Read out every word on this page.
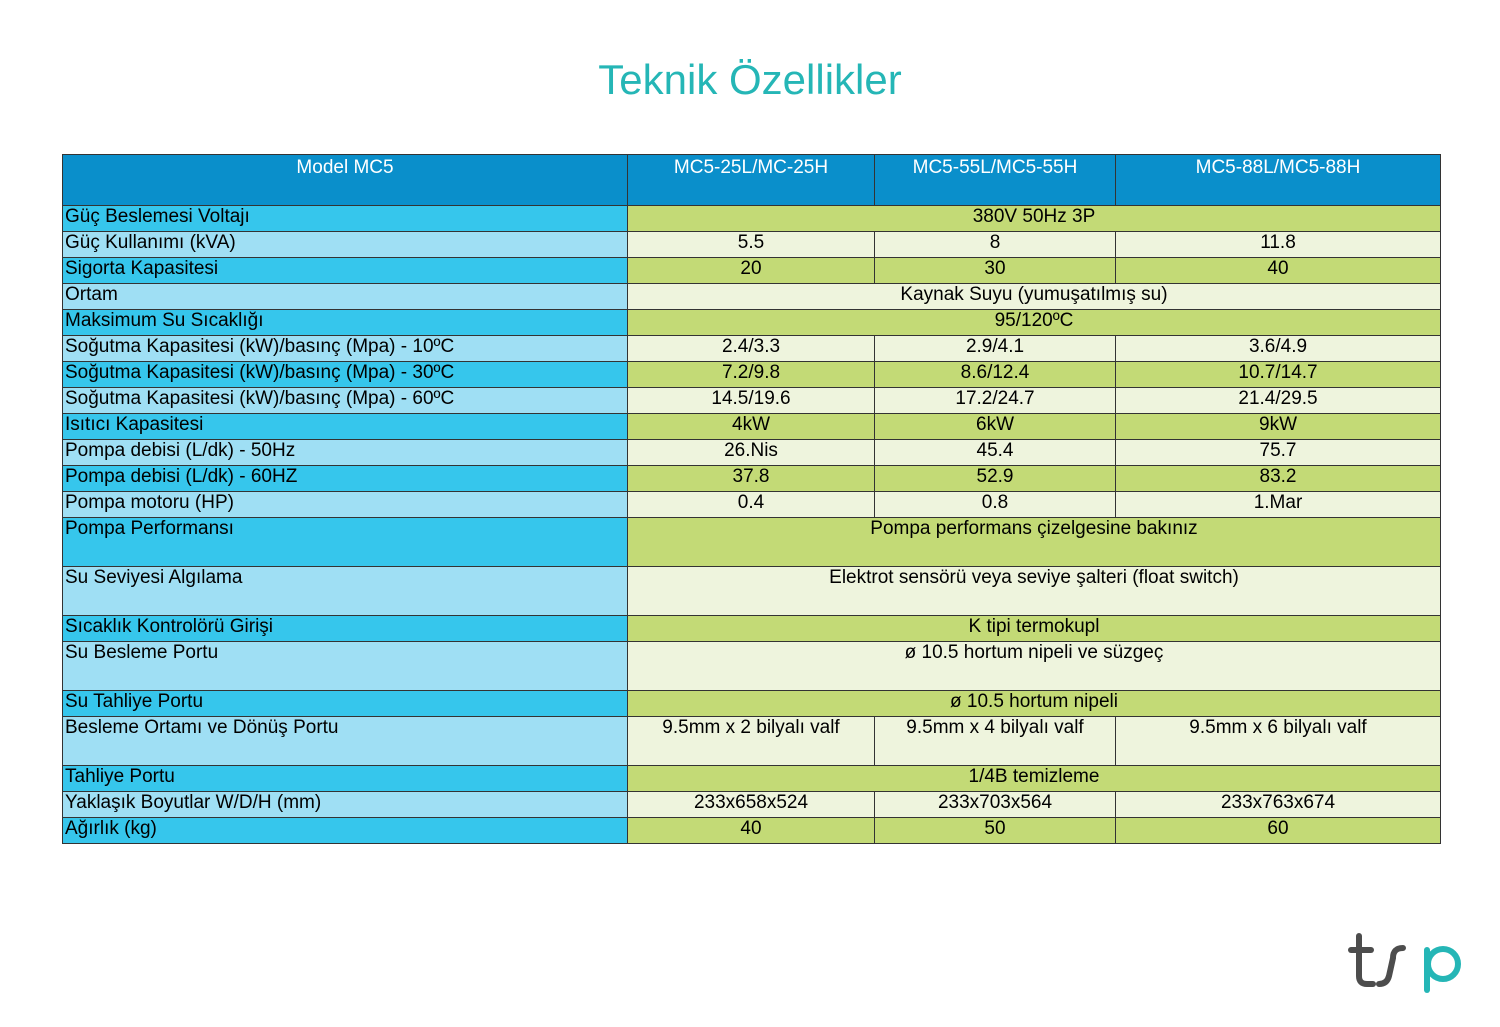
Teknik Özellikler
Model MC5	MC5-25L/MC-25H	MC5-55L/MC5-55H	MC5-88L/MC5-88H
Güç Beslemesi Voltajı	380V 50Hz 3P		
Güç Kullanımı (kVA)	5.5	8	11.8
Sigorta Kapasitesi	20	30	40
Ortam	Kaynak Suyu (yumuşatılmış su)		
Maksimum Su Sıcaklığı	95/120ºC		
Soğutma Kapasitesi (kW)/basınç (Mpa) - 10ºC	2.4/3.3	2.9/4.1	3.6/4.9
Soğutma Kapasitesi (kW)/basınç (Mpa) - 30ºC	7.2/9.8	8.6/12.4	10.7/14.7
Soğutma Kapasitesi (kW)/basınç (Mpa) - 60ºC	14.5/19.6	17.2/24.7	21.4/29.5
Isıtıcı Kapasitesi	4kW	6kW	9kW
Pompa debisi (L/dk) - 50Hz	26.Nis	45.4	75.7
Pompa debisi (L/dk) - 60HZ	37.8	52.9	83.2
Pompa motoru (HP)	0.4	0.8	1.Mar
Pompa Performansı	Pompa performans çizelgesine bakınız		
Su Seviyesi Algılama	Elektrot sensörü veya seviye şalteri (float switch)		
Sıcaklık Kontrolörü Girişi	K tipi termokupl		
Su Besleme Portu	ø 10.5 hortum nipeli ve süzgeç		
Su Tahliye Portu	ø 10.5 hortum nipeli		
Besleme Ortamı ve Dönüş Portu	9.5mm x 2 bilyalı valf	9.5mm x 4 bilyalı valf	9.5mm x 6 bilyalı valf
Tahliye Portu	1/4B temizleme		
Yaklaşık Boyutlar W/D/H (mm)	233x658x524	233x703x564	233x763x674
Ağırlık (kg)	40	50	60
